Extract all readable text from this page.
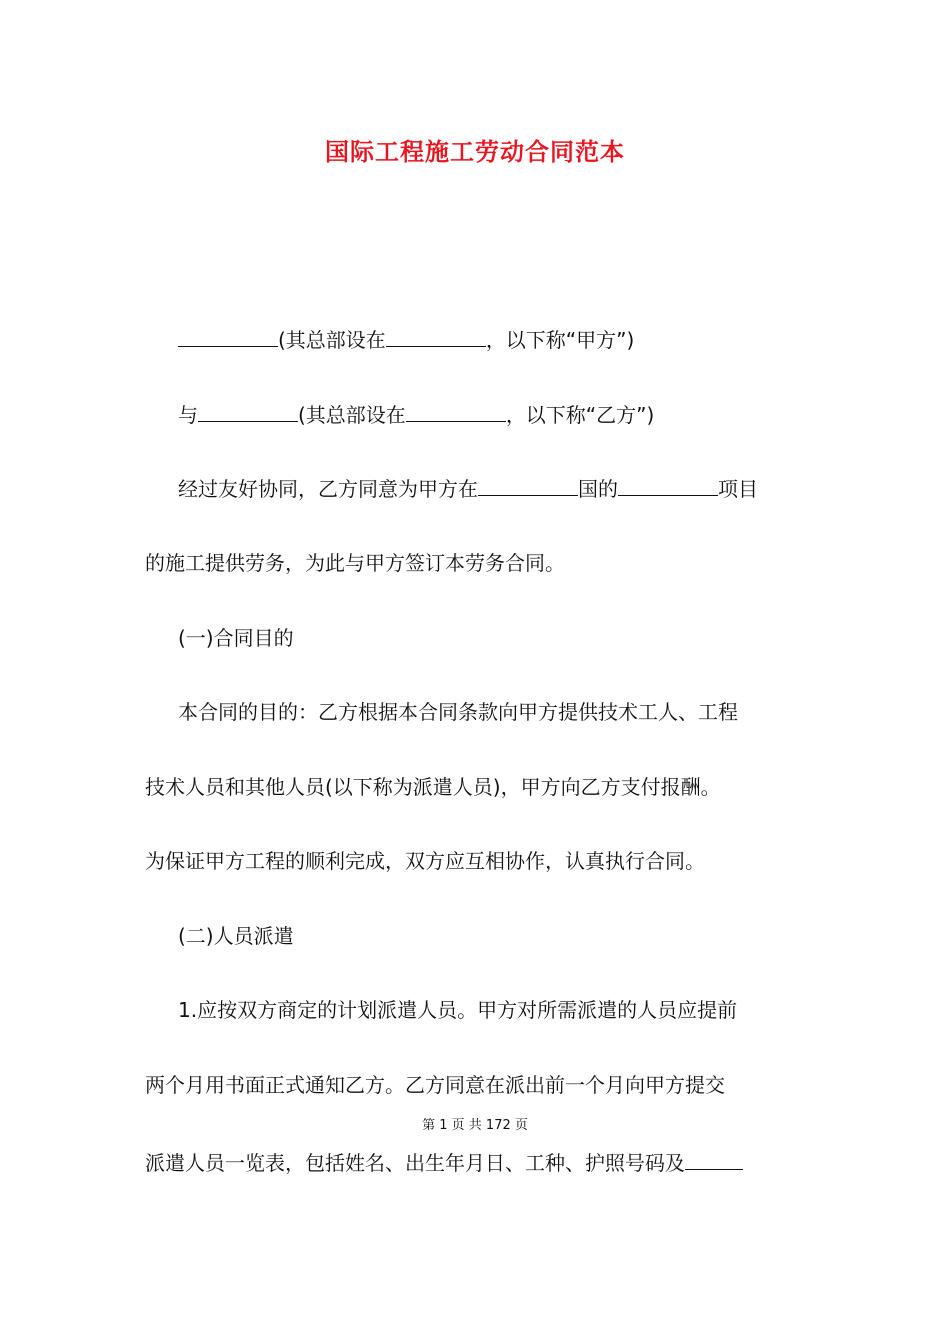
国际工程施工劳动合同范本
(其总部设在	，以下称“甲方”)
与	(其总部设在	，以下称“乙方”)
经过友好协同，乙方同意为甲方在	国的	项目
的施工提供劳务，为此与甲方签订本劳务合同。
(一)合同目的
本合同的目的：乙方根据本合同条款向甲方提供技术工人、工程
技术人员和其他人员(以下称为派遣人员)，甲方向乙方支付报酬。
为保证甲方工程的顺利完成，双方应互相协作，认真执行合同。
(二)人员派遣
1.应按双方商定的计划派遣人员。甲方对所需派遣的人员应提前
两个月用书面正式通知乙方。乙方同意在派出前一个月向甲方提交
第 1 页 共 172 页
派遣人员一览表，包括姓名、出生年月日、工种、护照号码及
